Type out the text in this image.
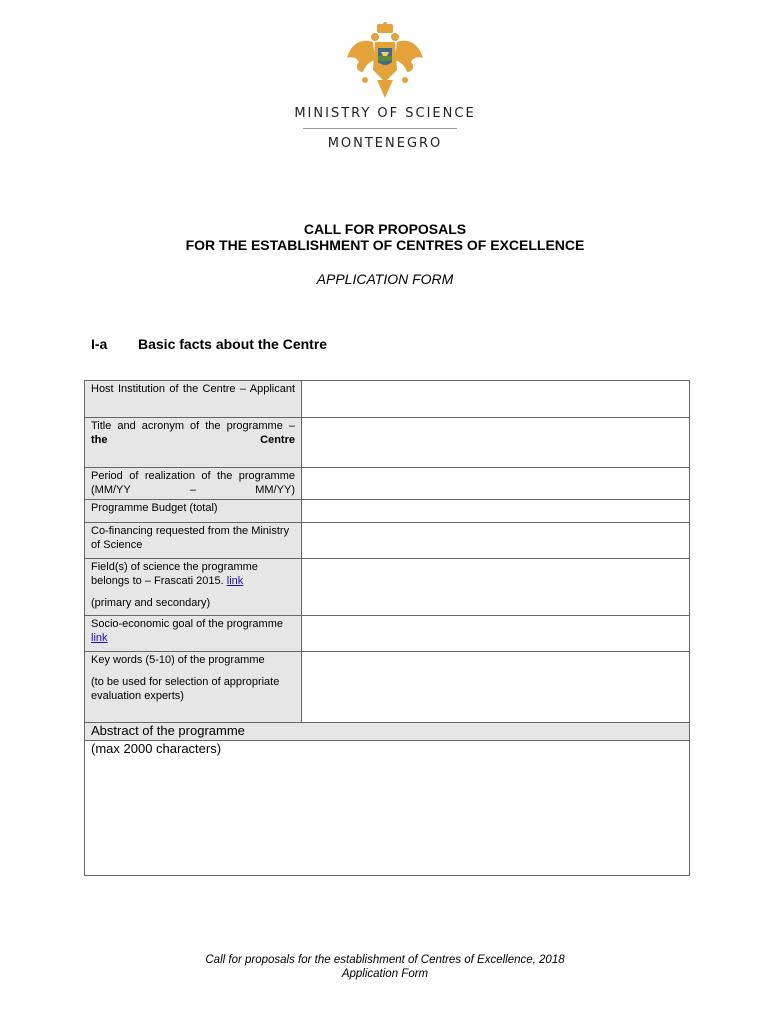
MINISTRY OF SCIENCE
MONTENEGRO
CALL FOR PROPOSALS
FOR THE ESTABLISHMENT OF CENTRES OF EXCELLENCE
APPLICATION FORM
I-a Basic facts about the Centre
Host Institution of the Centre – Applicant	

Title and acronym of the programme – the Centre	

Period of realization of the programme (MM/YY – MM/YY)	

Programme Budget (total)	

Co-financing requested from the Ministry of Science	

Field(s) of science the programme belongs to – Frascati 2015. link
(primary and secondary)	

Socio-economic goal of the programme link	

Key words (5-10) of the programme
(to be used for selection of appropriate evaluation experts)	

Abstract of the programme	

(max 2000 characters)	
Call for proposals for the establishment of Centres of Excellence, 2018
Application Form
